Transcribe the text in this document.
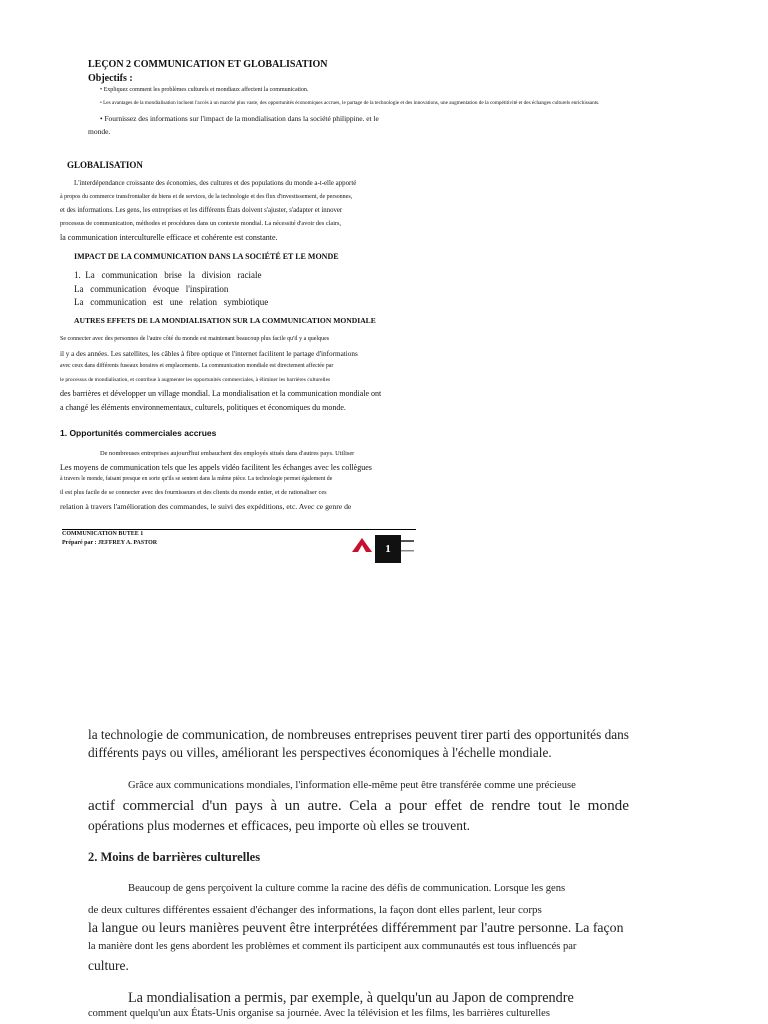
LEÇON 2 COMMUNICATION ET GLOBALISATION
Objectifs :
• Expliquez comment les problèmes culturels et mondiaux affectent la communication.
• Les avantages de la mondialisation incluent l'accès à un marché plus vaste, des opportunités économiques accrues, le partage de la technologie et des innovations, une augmentation de la compétitivité et des échanges culturels enrichissants.
• Fournissez des informations sur l'impact de la mondialisation dans la société philippine. et le
monde.
GLOBALISATION
L'interdépendance croissante des économies, des cultures et des populations du monde a-t-elle apporté
à propos du commerce transfrontalier de biens et de services, de la technologie et des flux d'investissement, de personnes,
et des informations. Les gens, les entreprises et les différents États doivent s'ajuster, s'adapter et innover
processus de communication, méthodes et procédures dans un contexte mondial. La nécessité d'avoir des clairs,
la communication interculturelle efficace et cohérente est constante.
IMPACT DE LA COMMUNICATION DANS LA SOCIÉTÉ ET LE MONDE
1.  La   communication   brise   la   division   raciale
La   communication   évoque   l'inspiration
La   communication   est   une   relation   symbiotique
AUTRES EFFETS DE LA MONDIALISATION SUR LA COMMUNICATION MONDIALE
Se connecter avec des personnes de l'autre côté du monde est maintenant beaucoup plus facile qu'il y a quelques
il y a des années. Les satellites, les câbles à fibre optique et l'internet facilitent le partage d'informations
avec ceux dans différents fuseaux horaires et emplacements. La communication mondiale est directement affectée par
le processus de mondialisation, et contribue à augmenter les opportunités commerciales, à éliminer les barrières culturelles
des barrières et développer un village mondial. La mondialisation et la communication mondiale ont
a changé les éléments environnementaux, culturels, politiques et économiques du monde.
1. Opportunités commerciales accrues
De nombreuses entreprises aujourd'hui embauchent des employés situés dans d'autres pays. Utiliser
Les moyens de communication tels que les appels vidéo facilitent les échanges avec les collègues
à travers le monde, faisant presque en sorte qu'ils se sentent dans la même pièce. La technologie permet également de
il est plus facile de se connecter avec des fournisseurs et des clients du monde entier, et de rationaliser ces
relation à travers l'amélioration des commandes, le suivi des expéditions, etc. Avec ce genre de
COMMUNICATION BUTEE 1
Préparé par : JEFFREY A. PASTOR	1
la technologie de communication, de nombreuses entreprises peuvent tirer parti des opportunités dans
différents pays ou villes, améliorant les perspectives économiques à l'échelle mondiale.
Grâce aux communications mondiales, l'information elle-même peut être transférée comme une précieuse
actif  commercial  d'un  pays  à  un  autre.  Cela  a  pour  effet  de  rendre  tout  le  monde
opérations plus modernes et efficaces, peu importe où elles se trouvent.
2. Moins de barrières culturelles
Beaucoup de gens perçoivent la culture comme la racine des défis de communication. Lorsque les gens
de deux cultures différentes essaient d'échanger des informations, la façon dont elles parlent, leur corps
la langue ou leurs manières peuvent être interprétées différemment par l'autre personne. La façon
la manière dont les gens abordent les problèmes et comment ils participent aux communautés est tous influencés par
culture.
La mondialisation a permis, par exemple, à quelqu'un au Japon de comprendre
comment quelqu'un aux États-Unis organise sa journée. Avec la télévision et les films, les barrières culturelles
